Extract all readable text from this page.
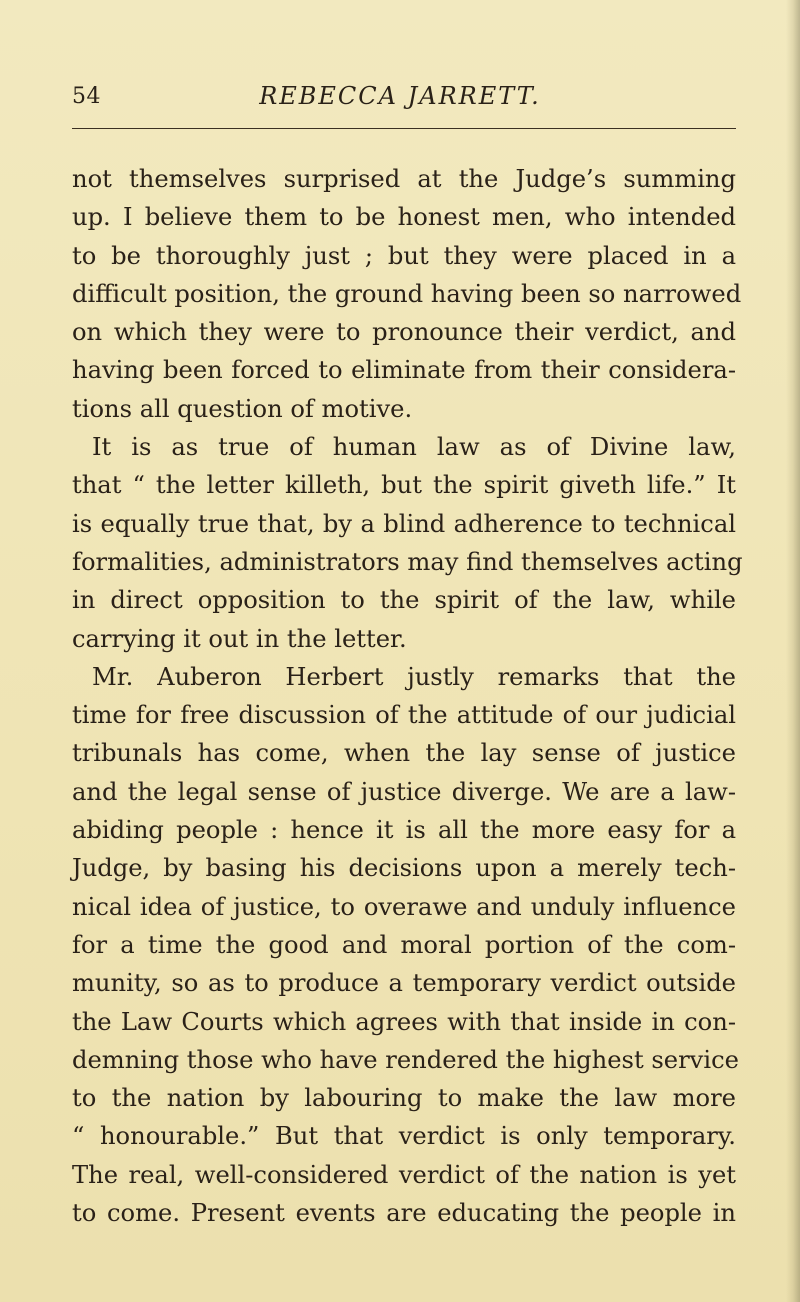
54	REBECCA JARRETT.
not themselves surprised at the Judge’s summing
up. I believe them to be honest men, who intended
to be thoroughly just ; but they were placed in a
difficult position, the ground having been so narrowed
on which they were to pronounce their verdict, and
having been forced to eliminate from their considera-
tions all question of motive.
It is as true of human law as of Divine law,
that “ the letter killeth, but the spirit giveth life.” It
is equally true that, by a blind adherence to technical
formalities, administrators may find themselves acting
in direct opposition to the spirit of the law, while
carrying it out in the letter.
Mr. Auberon Herbert justly remarks that the
time for free discussion of the attitude of our judicial
tribunals has come, when the lay sense of justice
and the legal sense of justice diverge. We are a law-
abiding people : hence it is all the more easy for a
Judge, by basing his decisions upon a merely tech-
nical idea of justice, to overawe and unduly influence
for a time the good and moral portion of the com-
munity, so as to produce a temporary verdict outside
the Law Courts which agrees with that inside in con-
demning those who have rendered the highest service
to the nation by labouring to make the law more
“ honourable.” But that verdict is only temporary.
The real, well-considered verdict of the nation is yet
to come. Present events are educating the people in
